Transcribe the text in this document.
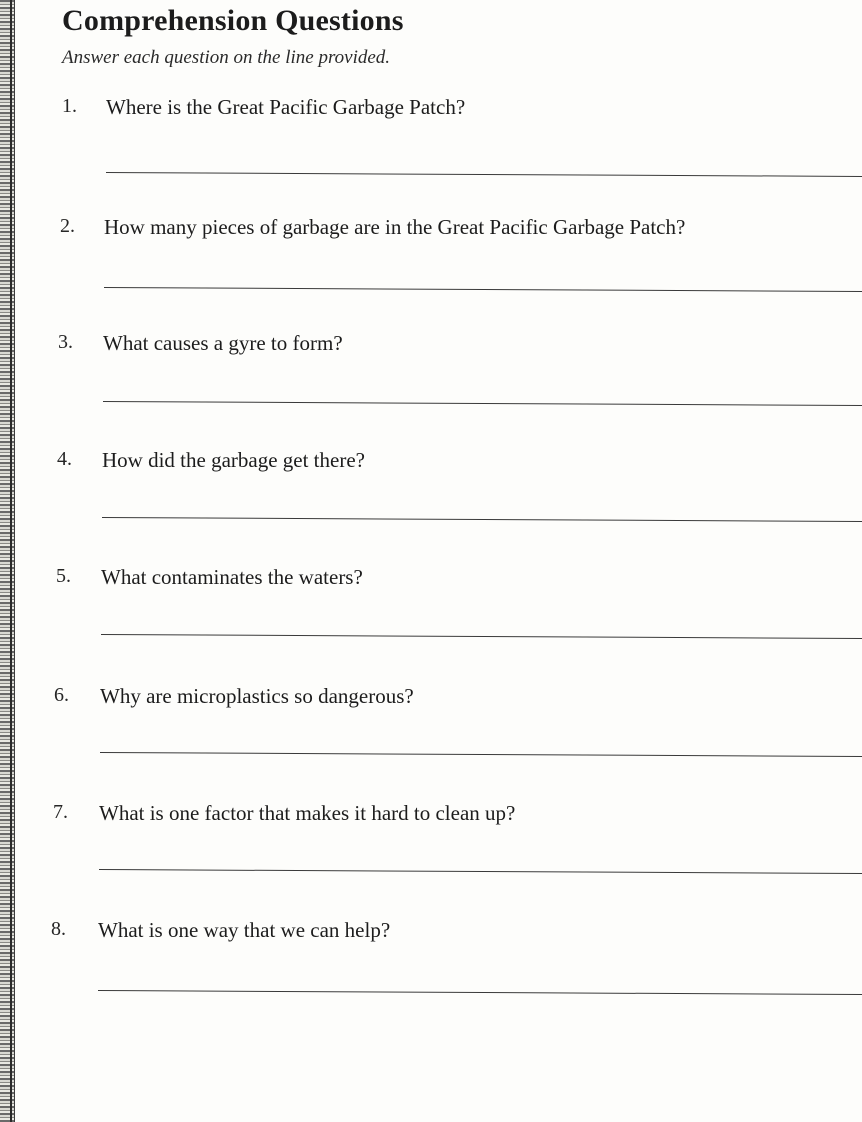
Comprehension Questions
Answer each question on the line provided.
1. Where is the Great Pacific Garbage Patch?
2. How many pieces of garbage are in the Great Pacific Garbage Patch?
3. What causes a gyre to form?
4. How did the garbage get there?
5. What contaminates the waters?
6. Why are microplastics so dangerous?
7. What is one factor that makes it hard to clean up?
8. What is one way that we can help?
